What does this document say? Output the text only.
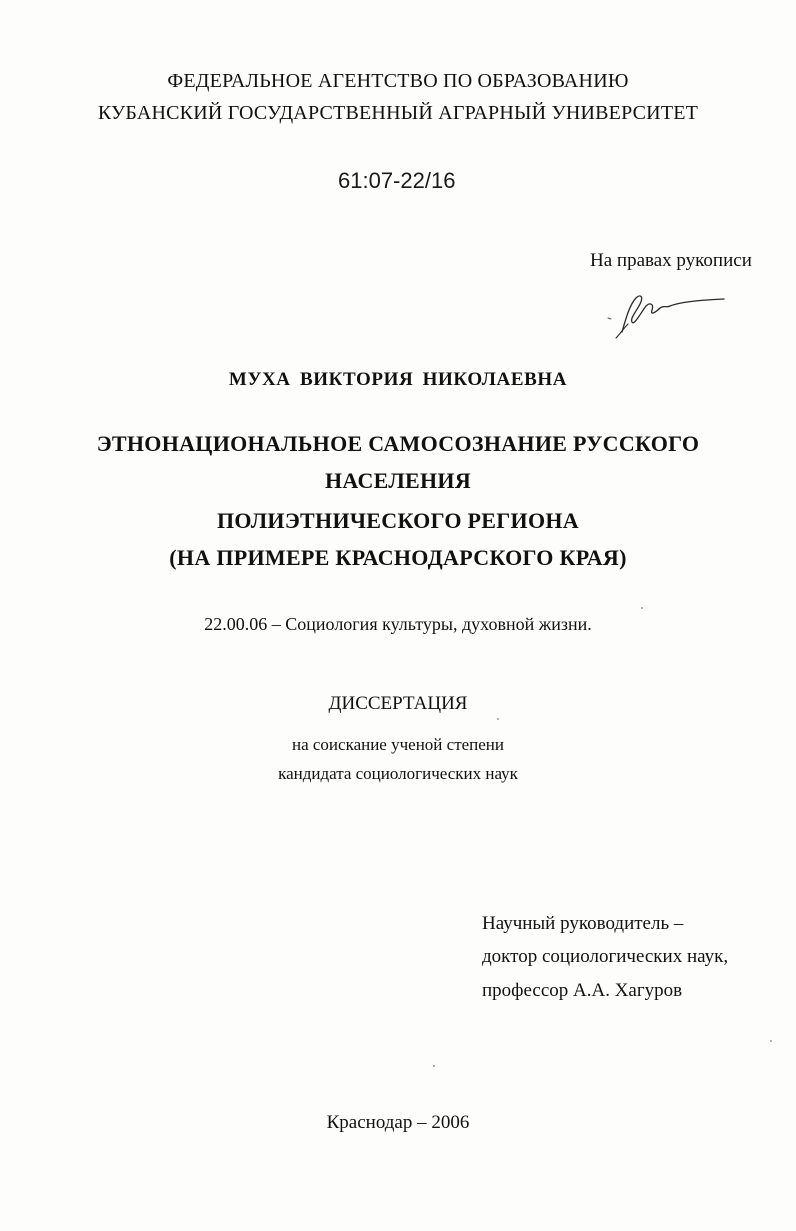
ФЕДЕРАЛЬНОЕ АГЕНТСТВО ПО ОБРАЗОВАНИЮ
КУБАНСКИЙ ГОСУДАРСТВЕННЫЙ АГРАРНЫЙ УНИВЕРСИТЕТ
61:07-22/16
На правах рукописи
МУХА ВИКТОРИЯ НИКОЛАЕВНА
ЭТНОНАЦИОНАЛЬНОЕ САМОСОЗНАНИЕ РУССКОГО
НАСЕЛЕНИЯ
ПОЛИЭТНИЧЕСКОГО РЕГИОНА
(НА ПРИМЕРЕ КРАСНОДАРСКОГО КРАЯ)
22.00.06 – Социология культуры, духовной жизни.
ДИССЕРТАЦИЯ
на соискание ученой степени
кандидата социологических наук
Научный руководитель –
доктор социологических наук,
профессор А.А. Хагуров
Краснодар – 2006
